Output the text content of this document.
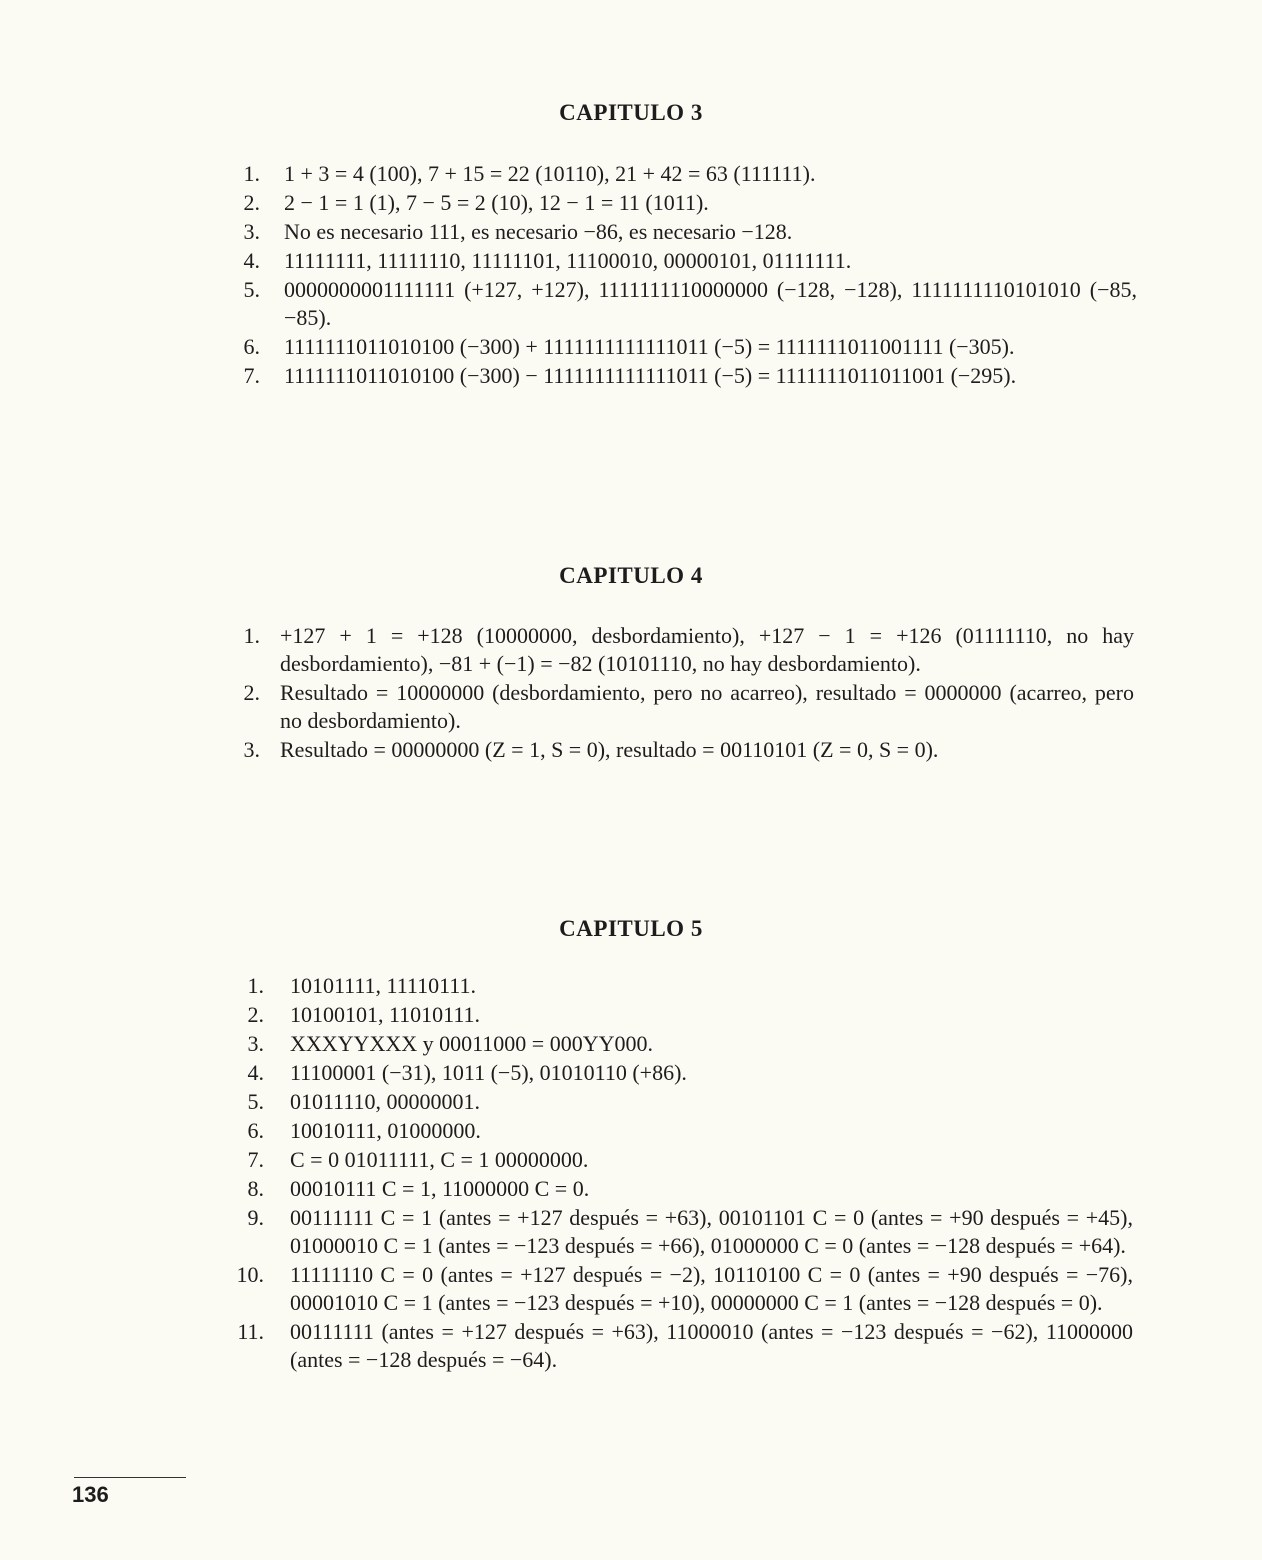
CAPITULO 3
1. 1 + 3 = 4 (100), 7 + 15 = 22 (10110), 21 + 42 = 63 (111111).
2. 2 − 1 = 1 (1), 7 − 5 = 2 (10), 12 − 1 = 11 (1011).
3. No es necesario 111, es necesario −86, es necesario −128.
4. 11111111, 11111110, 11111101, 11100010, 00000101, 01111111.
5. 0000000001111111 (+127, +127), 1111111110000000 (−128, −128), 1111111110101010 (−85, −85).
6. 1111111011010100 (−300) + 1111111111111011 (−5) = 1111111011001111 (−305).
7. 1111111011010100 (−300) − 1111111111111011 (−5) = 1111111011011001 (−295).
CAPITULO 4
1. +127 + 1 = +128 (10000000, desbordamiento), +127 − 1 = +126 (01111110, no hay desbordamiento), −81 + (−1) = −82 (10101110, no hay desbordamiento).
2. Resultado = 10000000 (desbordamiento, pero no acarreo), resultado = 0000000 (acarreo, pero no desbordamiento).
3. Resultado = 00000000 (Z = 1, S = 0), resultado = 00110101 (Z = 0, S = 0).
CAPITULO 5
1. 10101111, 11110111.
2. 10100101, 11010111.
3. XXXYYXXX y 00011000 = 000YY000.
4. 11100001 (−31), 1011 (−5), 01010110 (+86).
5. 01011110, 00000001.
6. 10010111, 01000000.
7. C = 0 01011111, C = 1 00000000.
8. 00010111 C = 1, 11000000 C = 0.
9. 00111111 C = 1 (antes = +127 después = +63), 00101101 C = 0 (antes = +90 después = +45), 01000010 C = 1 (antes = −123 después = +66), 01000000 C = 0 (antes = −128 después = +64).
10. 11111110 C = 0 (antes = +127 después = −2), 10110100 C = 0 (antes = +90 después = −76), 00001010 C = 1 (antes = −123 después = +10), 00000000 C = 1 (antes = −128 después = 0).
11. 00111111 (antes = +127 después = +63), 11000010 (antes = −123 después = −62), 11000000 (antes = −128 después = −64).
136
